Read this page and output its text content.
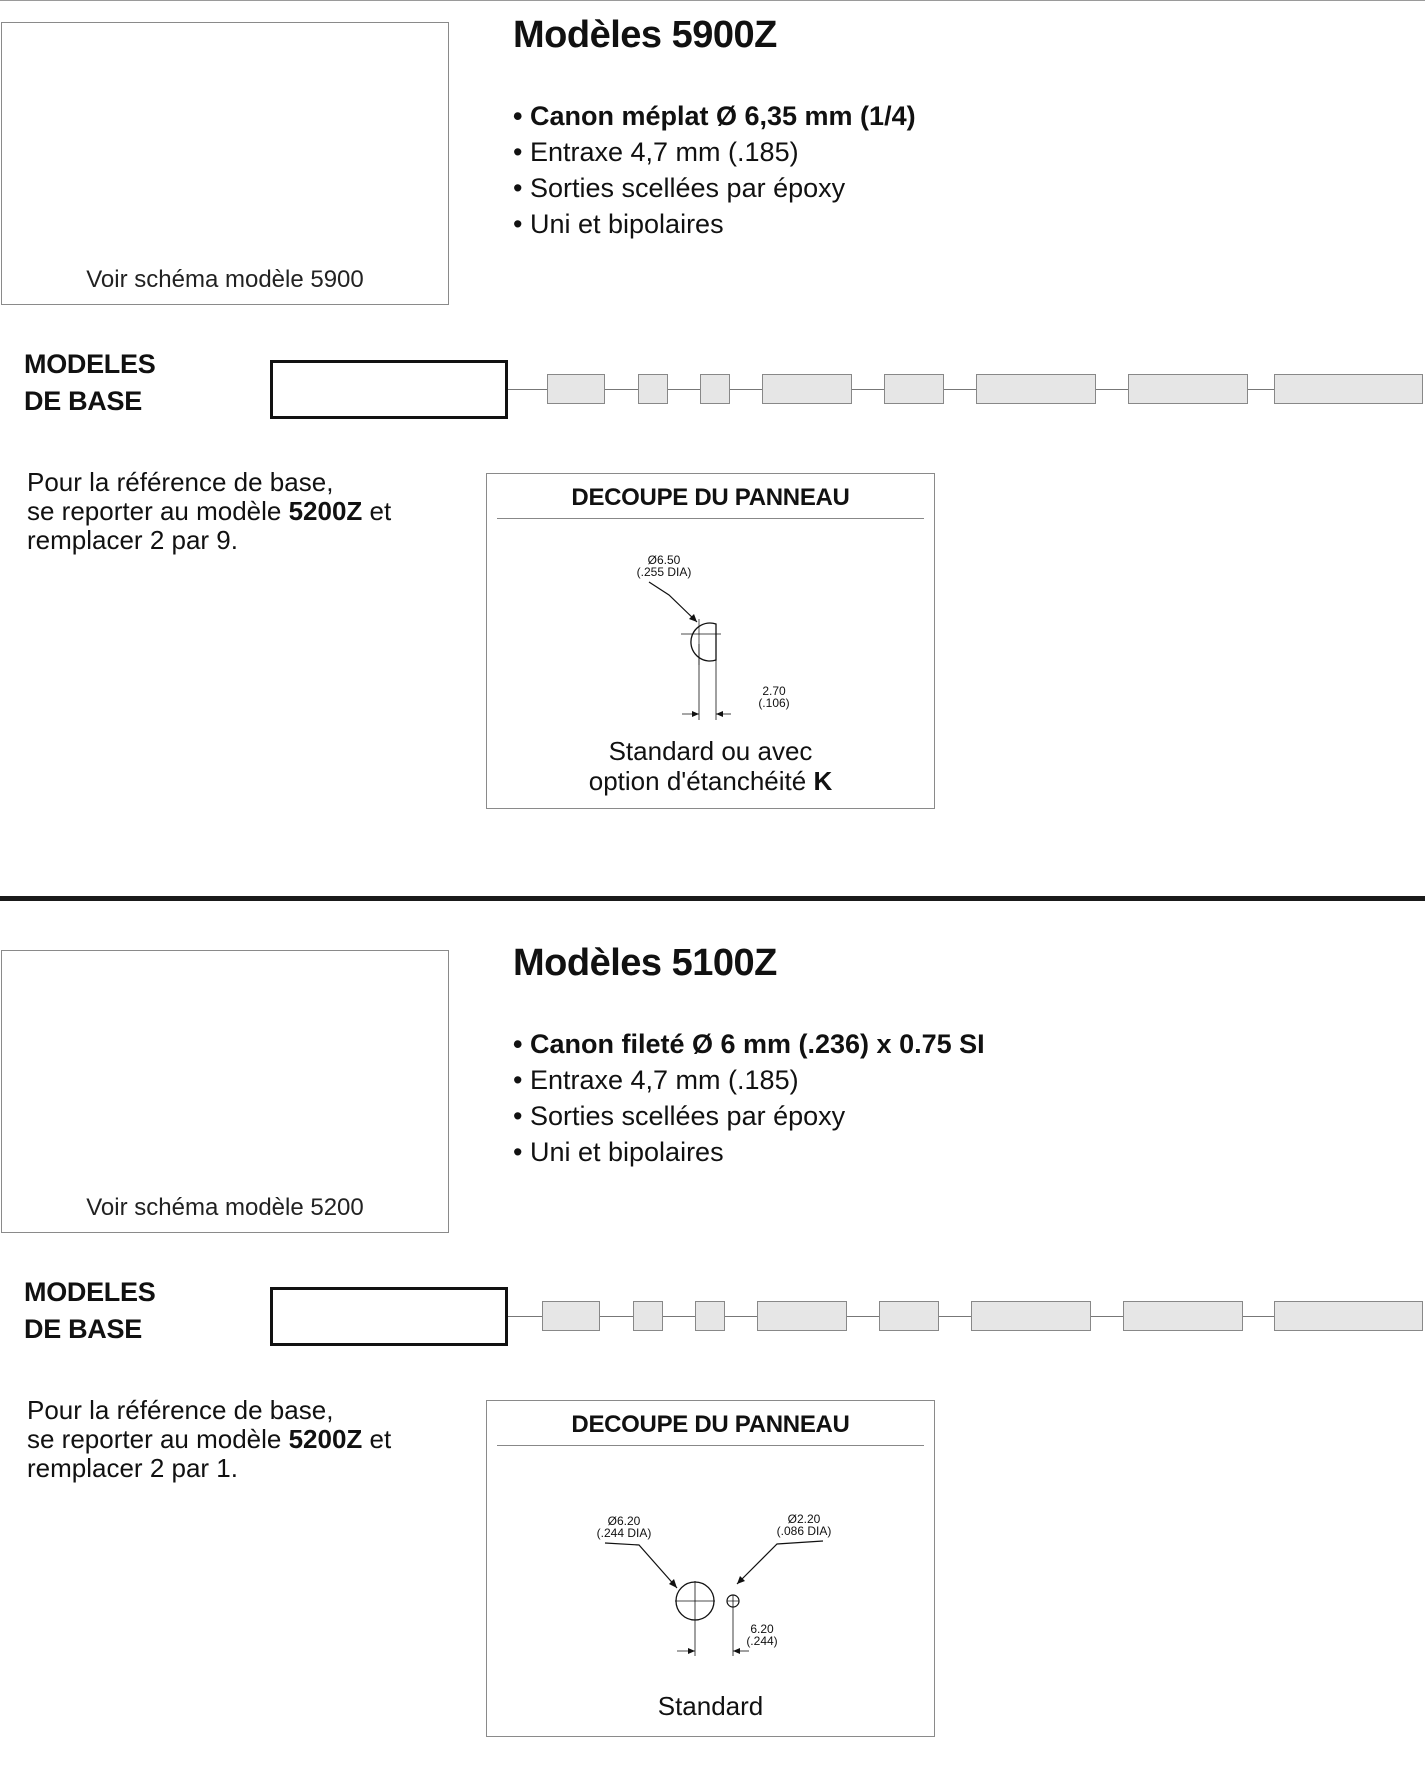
Voir schéma modèle 5900
Modèles 5900Z
• Canon méplat Ø 6,35 mm (1/4)
• Entraxe 4,7 mm (.185)
• Sorties scellées par époxy
• Uni et bipolaires
MODELES
DE BASE
Pour la référence de base,
se reporter au modèle 5200Z et
remplacer 2 par 9.
DECOUPE DU PANNEAU
Ø6.50
(.255 DIA)
2.70
(.106)
Standard ou avec
option d'étanchéité K
Voir schéma modèle 5200
Modèles 5100Z
• Canon fileté Ø 6 mm (.236) x 0.75 SI
• Entraxe 4,7 mm (.185)
• Sorties scellées par époxy
• Uni et bipolaires
MODELES
DE BASE
Pour la référence de base,
se reporter au modèle 5200Z et
remplacer 2 par 1.
DECOUPE DU PANNEAU
Ø6.20
(.244 DIA)
Ø2.20
(.086 DIA)
6.20
(.244)
Standard
